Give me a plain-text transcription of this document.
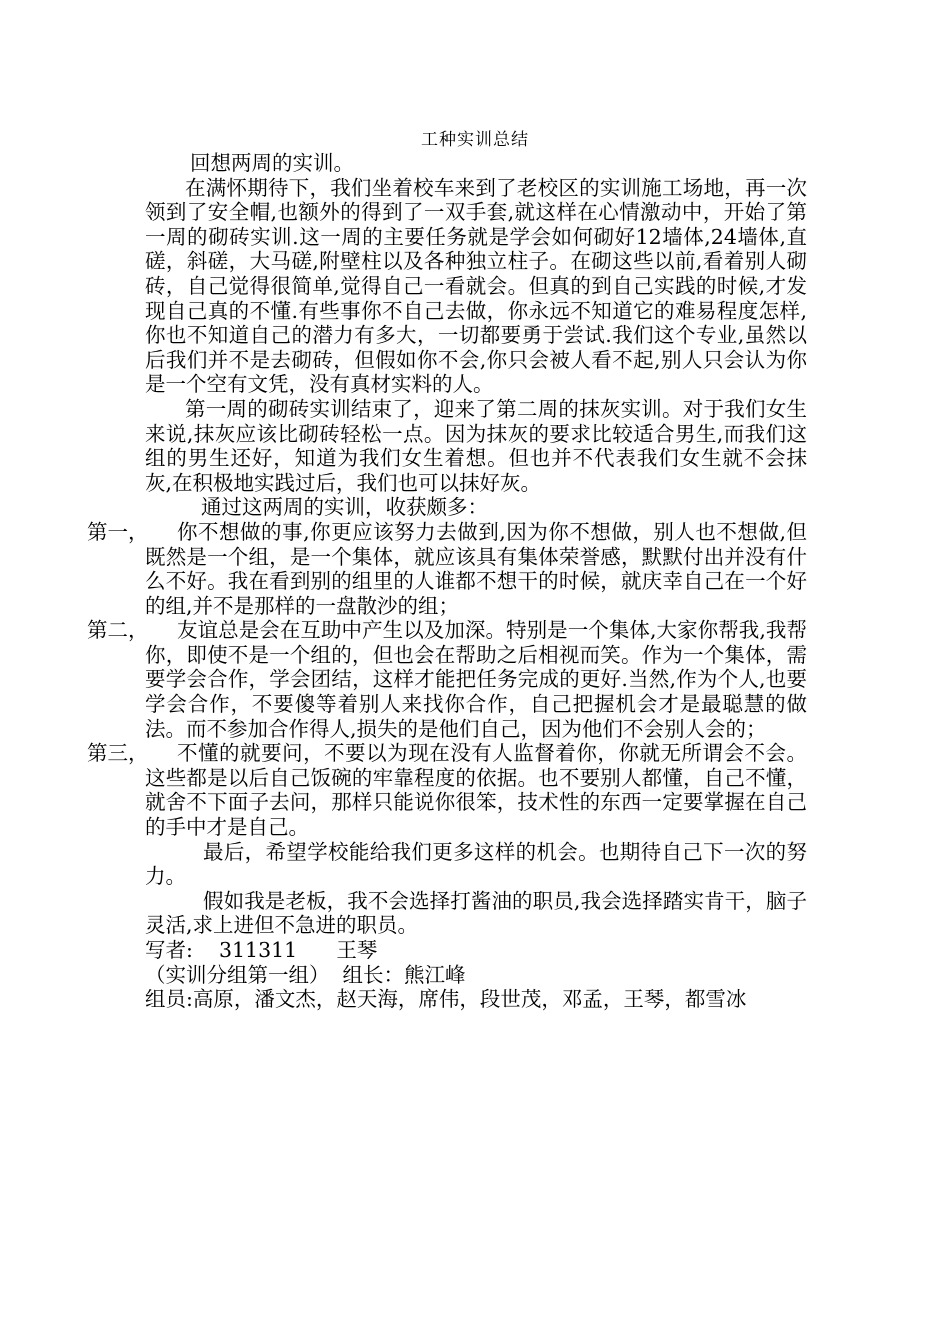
工种实训总结

回想两周的实训。

在满怀期待下，我们坐着校车来到了老校区的实训施工场地，再一次领到了安全帽,也额外的得到了一双手套,就这样在心情激动中，开始了第一周的砌砖实训.这一周的主要任务就是学会如何砌好12墙体,24墙体,直磋，斜磋，大马磋,附壁柱以及各种独立柱子。在砌这些以前,看着别人砌砖，自己觉得很简单,觉得自己一看就会。但真的到自己实践的时候,才发现自己真的不懂.有些事你不自己去做，你永远不知道它的难易程度怎样,你也不知道自己的潜力有多大，一切都要勇于尝试.我们这个专业,虽然以后我们并不是去砌砖，但假如你不会,你只会被人看不起,别人只会认为你是一个空有文凭，没有真材实料的人。

第一周的砌砖实训结束了，迎来了第二周的抹灰实训。对于我们女生来说,抹灰应该比砌砖轻松一点。因为抹灰的要求比较适合男生,而我们这组的男生还好，知道为我们女生着想。但也并不代表我们女生就不会抹灰,在积极地实践过后，我们也可以抹好灰。

通过这两周的实训，收获颇多：

第一，	你不想做的事,你更应该努力去做到,因为你不想做，别人也不想做,但既然是一个组，是一个集体，就应该具有集体荣誉感，默默付出并没有什么不好。我在看到别的组里的人谁都不想干的时候，就庆幸自己在一个好的组,并不是那样的一盘散沙的组；

第二，	友谊总是会在互助中产生以及加深。特别是一个集体,大家你帮我,我帮你，即使不是一个组的，但也会在帮助之后相视而笑。作为一个集体，需要学会合作，学会团结，这样才能把任务完成的更好.当然,作为个人,也要学会合作，不要傻等着别人来找你合作，自己把握机会才是最聪慧的做法。而不参加合作得人,损失的是他们自己，因为他们不会别人会的；

第三，	不懂的就要问，不要以为现在没有人监督着你，你就无所谓会不会。这些都是以后自己饭碗的牢靠程度的依据。也不要别人都懂，自己不懂，就舍不下面子去问，那样只能说你很笨，技术性的东西一定要掌握在自己的手中才是自己。

最后，希望学校能给我们更多这样的机会。也期待自己下一次的努力。

假如我是老板，我不会选择打酱油的职员,我会选择踏实肯干，脑子灵活,求上进但不急进的职员。

写者:    311311      王琴

（实训分组第一组）  组长：熊江峰

组员:高原，潘文杰，赵天海，席伟，段世茂，邓孟，王琴，都雪冰
